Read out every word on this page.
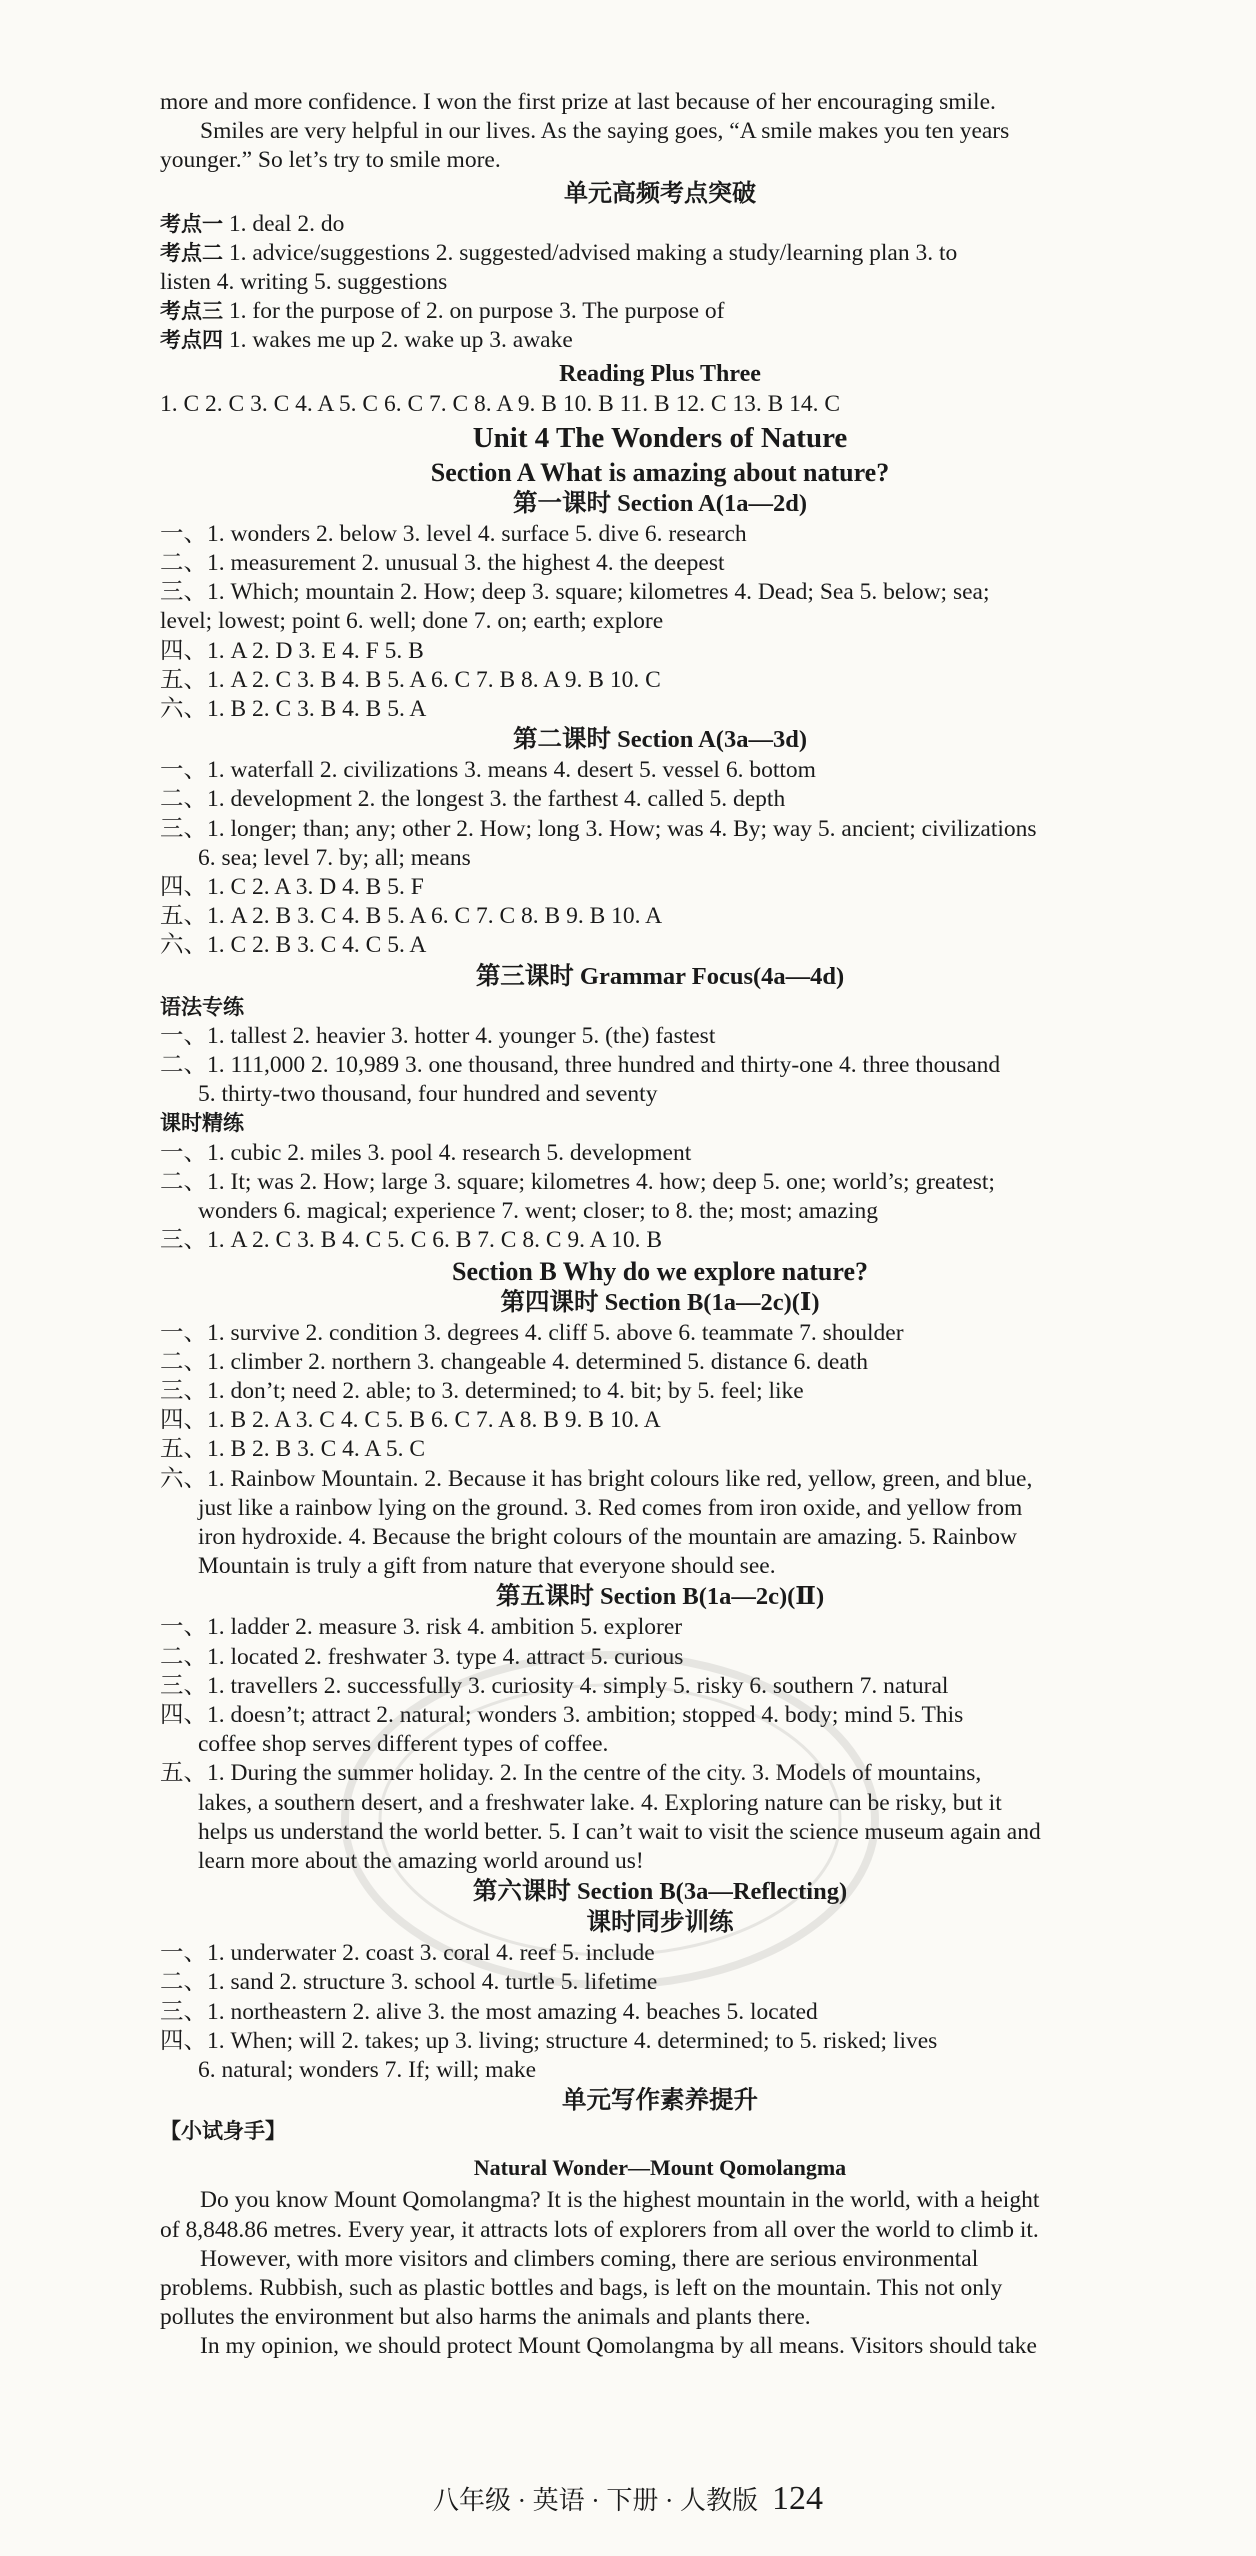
more and more confidence. I won the first prize at last because of her encouraging smile.
Smiles are very helpful in our lives. As the saying goes, “A smile makes you ten years
younger.” So let’s try to smile more.
单元高频考点突破
考点一 1. deal 2. do
考点二 1. advice/suggestions 2. suggested/advised making a study/learning plan 3. to
listen 4. writing 5. suggestions
考点三 1. for the purpose of 2. on purpose 3. The purpose of
考点四 1. wakes me up 2. wake up 3. awake
Reading Plus Three
1. C 2. C 3. C 4. A 5. C 6. C 7. C 8. A 9. B 10. B 11. B 12. C 13. B 14. C
Unit 4 The Wonders of Nature
Section A What is amazing about nature?
第一课时 Section A(1a—2d)
一、1. wonders 2. below 3. level 4. surface 5. dive 6. research
二、1. measurement 2. unusual 3. the highest 4. the deepest
三、1. Which; mountain 2. How; deep 3. square; kilometres 4. Dead; Sea 5. below; sea;
level; lowest; point 6. well; done 7. on; earth; explore
四、1. A 2. D 3. E 4. F 5. B
五、1. A 2. C 3. B 4. B 5. A 6. C 7. B 8. A 9. B 10. C
六、1. B 2. C 3. B 4. B 5. A
第二课时 Section A(3a—3d)
一、1. waterfall 2. civilizations 3. means 4. desert 5. vessel 6. bottom
二、1. development 2. the longest 3. the farthest 4. called 5. depth
三、1. longer; than; any; other 2. How; long 3. How; was 4. By; way 5. ancient; civilizations
6. sea; level 7. by; all; means
四、1. C 2. A 3. D 4. B 5. F
五、1. A 2. B 3. C 4. B 5. A 6. C 7. C 8. B 9. B 10. A
六、1. C 2. B 3. C 4. C 5. A
第三课时 Grammar Focus(4a—4d)
语法专练
一、1. tallest 2. heavier 3. hotter 4. younger 5. (the) fastest
二、1. 111,000 2. 10,989 3. one thousand, three hundred and thirty-one 4. three thousand
5. thirty-two thousand, four hundred and seventy
课时精练
一、1. cubic 2. miles 3. pool 4. research 5. development
二、1. It; was 2. How; large 3. square; kilometres 4. how; deep 5. one; world’s; greatest;
wonders 6. magical; experience 7. went; closer; to 8. the; most; amazing
三、1. A 2. C 3. B 4. C 5. C 6. B 7. C 8. C 9. A 10. B
Section B Why do we explore nature?
第四课时 Section B(1a—2c)(Ⅰ)
一、1. survive 2. condition 3. degrees 4. cliff 5. above 6. teammate 7. shoulder
二、1. climber 2. northern 3. changeable 4. determined 5. distance 6. death
三、1. don’t; need 2. able; to 3. determined; to 4. bit; by 5. feel; like
四、1. B 2. A 3. C 4. C 5. B 6. C 7. A 8. B 9. B 10. A
五、1. B 2. B 3. C 4. A 5. C
六、1. Rainbow Mountain. 2. Because it has bright colours like red, yellow, green, and blue,
just like a rainbow lying on the ground. 3. Red comes from iron oxide, and yellow from
iron hydroxide. 4. Because the bright colours of the mountain are amazing. 5. Rainbow
Mountain is truly a gift from nature that everyone should see.
第五课时 Section B(1a—2c)(Ⅱ)
一、1. ladder 2. measure 3. risk 4. ambition 5. explorer
二、1. located 2. freshwater 3. type 4. attract 5. curious
三、1. travellers 2. successfully 3. curiosity 4. simply 5. risky 6. southern 7. natural
四、1. doesn’t; attract 2. natural; wonders 3. ambition; stopped 4. body; mind 5. This
coffee shop serves different types of coffee.
五、1. During the summer holiday. 2. In the centre of the city. 3. Models of mountains,
lakes, a southern desert, and a freshwater lake. 4. Exploring nature can be risky, but it
helps us understand the world better. 5. I can’t wait to visit the science museum again and
learn more about the amazing world around us!
第六课时 Section B(3a—Reflecting)
课时同步训练
一、1. underwater 2. coast 3. coral 4. reef 5. include
二、1. sand 2. structure 3. school 4. turtle 5. lifetime
三、1. northeastern 2. alive 3. the most amazing 4. beaches 5. located
四、1. When; will 2. takes; up 3. living; structure 4. determined; to 5. risked; lives
6. natural; wonders 7. If; will; make
单元写作素养提升
【小试身手】
Natural Wonder—Mount Qomolangma
Do you know Mount Qomolangma? It is the highest mountain in the world, with a height
of 8,848.86 metres. Every year, it attracts lots of explorers from all over the world to climb it.
However, with more visitors and climbers coming, there are serious environmental
problems. Rubbish, such as plastic bottles and bags, is left on the mountain. This not only
pollutes the environment but also harms the animals and plants there.
In my opinion, we should protect Mount Qomolangma by all means. Visitors should take
八年级 · 英语 · 下册 · 人教版 124
